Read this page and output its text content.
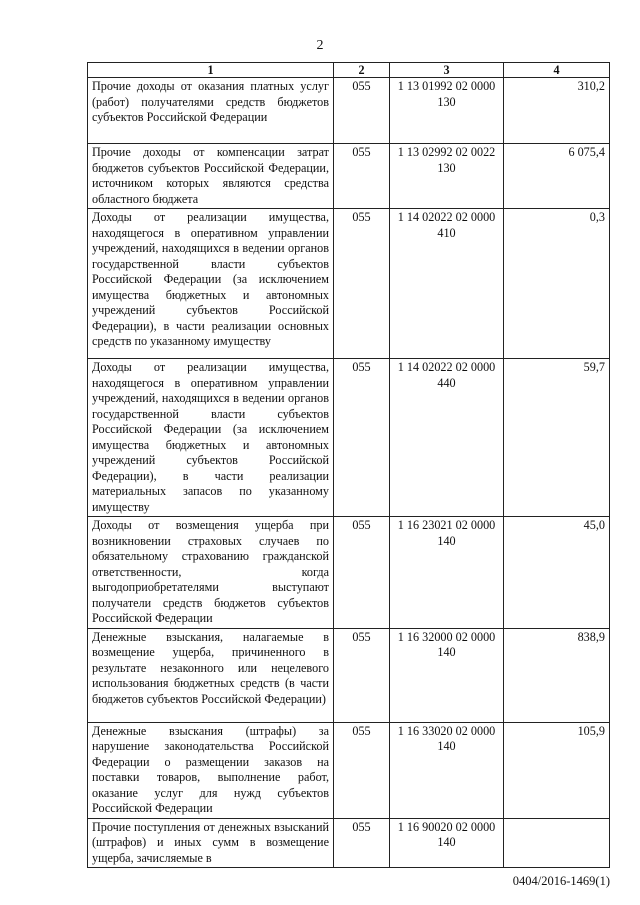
2
1	2	3	4
Прочие доходы от оказания платных услуг (работ) получателями средств бюджетов субъектов Российской Федерации	055	1 13 01992 02 0000 130	310,2
Прочие доходы от компенсации затрат бюджетов субъектов Российской Федерации, источником которых являются средства областного бюджета	055	1 13 02992 02 0022 130	6 075,4
Доходы от реализации имущества, находящегося в оперативном управлении учреждений, находящихся в ведении органов государственной власти субъектов Российской Федерации (за исключением имущества бюджетных и автономных учреждений субъектов Российской Федерации), в части реализации основных средств по указанному имуществу	055	1 14 02022 02 0000 410	0,3
Доходы от реализации имущества, находящегося в оперативном управлении учреждений, находящихся в ведении органов государственной власти субъектов Российской Федерации (за исключением имущества бюджетных и автономных учреждений субъектов Российской Федерации), в части реализации материальных запасов по указанному имуществу	055	1 14 02022 02 0000 440	59,7
Доходы от возмещения ущерба при возникновении страховых случаев по обязательному страхованию гражданской ответственности, когда выгодоприобретателями выступают получатели средств бюджетов субъектов Российской Федерации	055	1 16 23021 02 0000 140	45,0
Денежные взыскания, налагаемые в возмещение ущерба, причиненного в результате незаконного или нецелевого использования бюджетных средств (в части бюджетов субъектов Российской Федерации)	055	1 16 32000 02 0000 140	838,9
Денежные взыскания (штрафы) за нарушение законодательства Российской Федерации о размещении заказов на поставки товаров, выполнение работ, оказание услуг для нужд субъектов Российской Федерации	055	1 16 33020 02 0000 140	105,9
Прочие поступления от денежных взысканий (штрафов) и иных сумм в возмещение ущерба, зачисляемые в	055	1 16 90020 02 0000 140	
0404/2016-1469(1)
